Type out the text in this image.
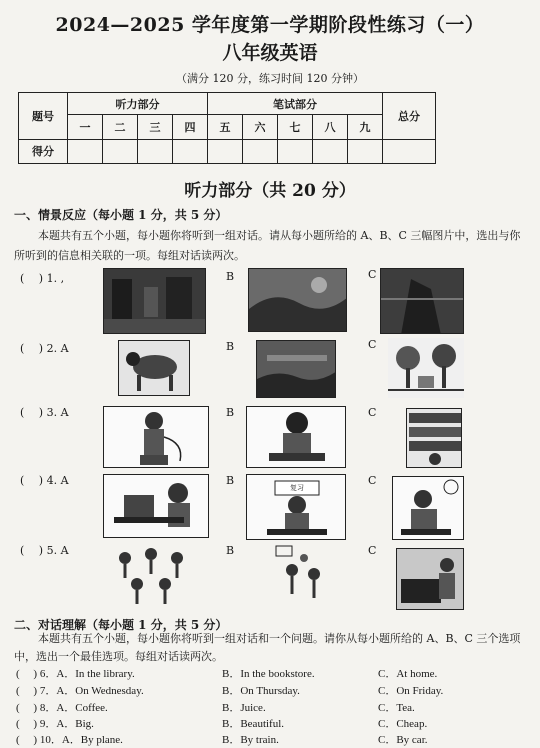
2024—2025 学年度第一学期阶段性练习（一）
八年级英语
（满分 120 分，练习时间 120 分钟）
题号	听力部分				笔试部分					总分
	一	二	三	四	五	六	七	八	九	
得分										
听力部分（共 20 分）
一、情景反应（每小题 1 分，共 5 分）
本题共有五个小题，每小题你将听到一组对话。请从每小题所给的 A、B、C 三幅图片中，选出与你所听到的信息相关联的一项。每组对话读两次。
(　 ) 1. ,	B	C
(　 ) 2. A	B	C
(　 ) 3. A	B	C
(　 ) 4. A	B
复习
C
(　 ) 5. A	B	C
二、对话理解（每小题 1 分，共 5 分）
本题共有五个小题，每小题你将听到一组对话和一个问题。请你从每小题所给的 A、B、C 三个选项中，选出一个最佳选项。每组对话读两次。
(　 ) 6．A．In the library.	B．In the bookstore.	C．At home.
(　 ) 7．A．On Wednesday.	B．On Thursday.	C．On Friday.
(　 ) 8．A．Coffee.	B．Juice.	C．Tea.
(　 ) 9．A．Big.	B．Beautiful.	C．Cheap.
(　 ) 10．A．By plane.	B．By train.	C．By car.
